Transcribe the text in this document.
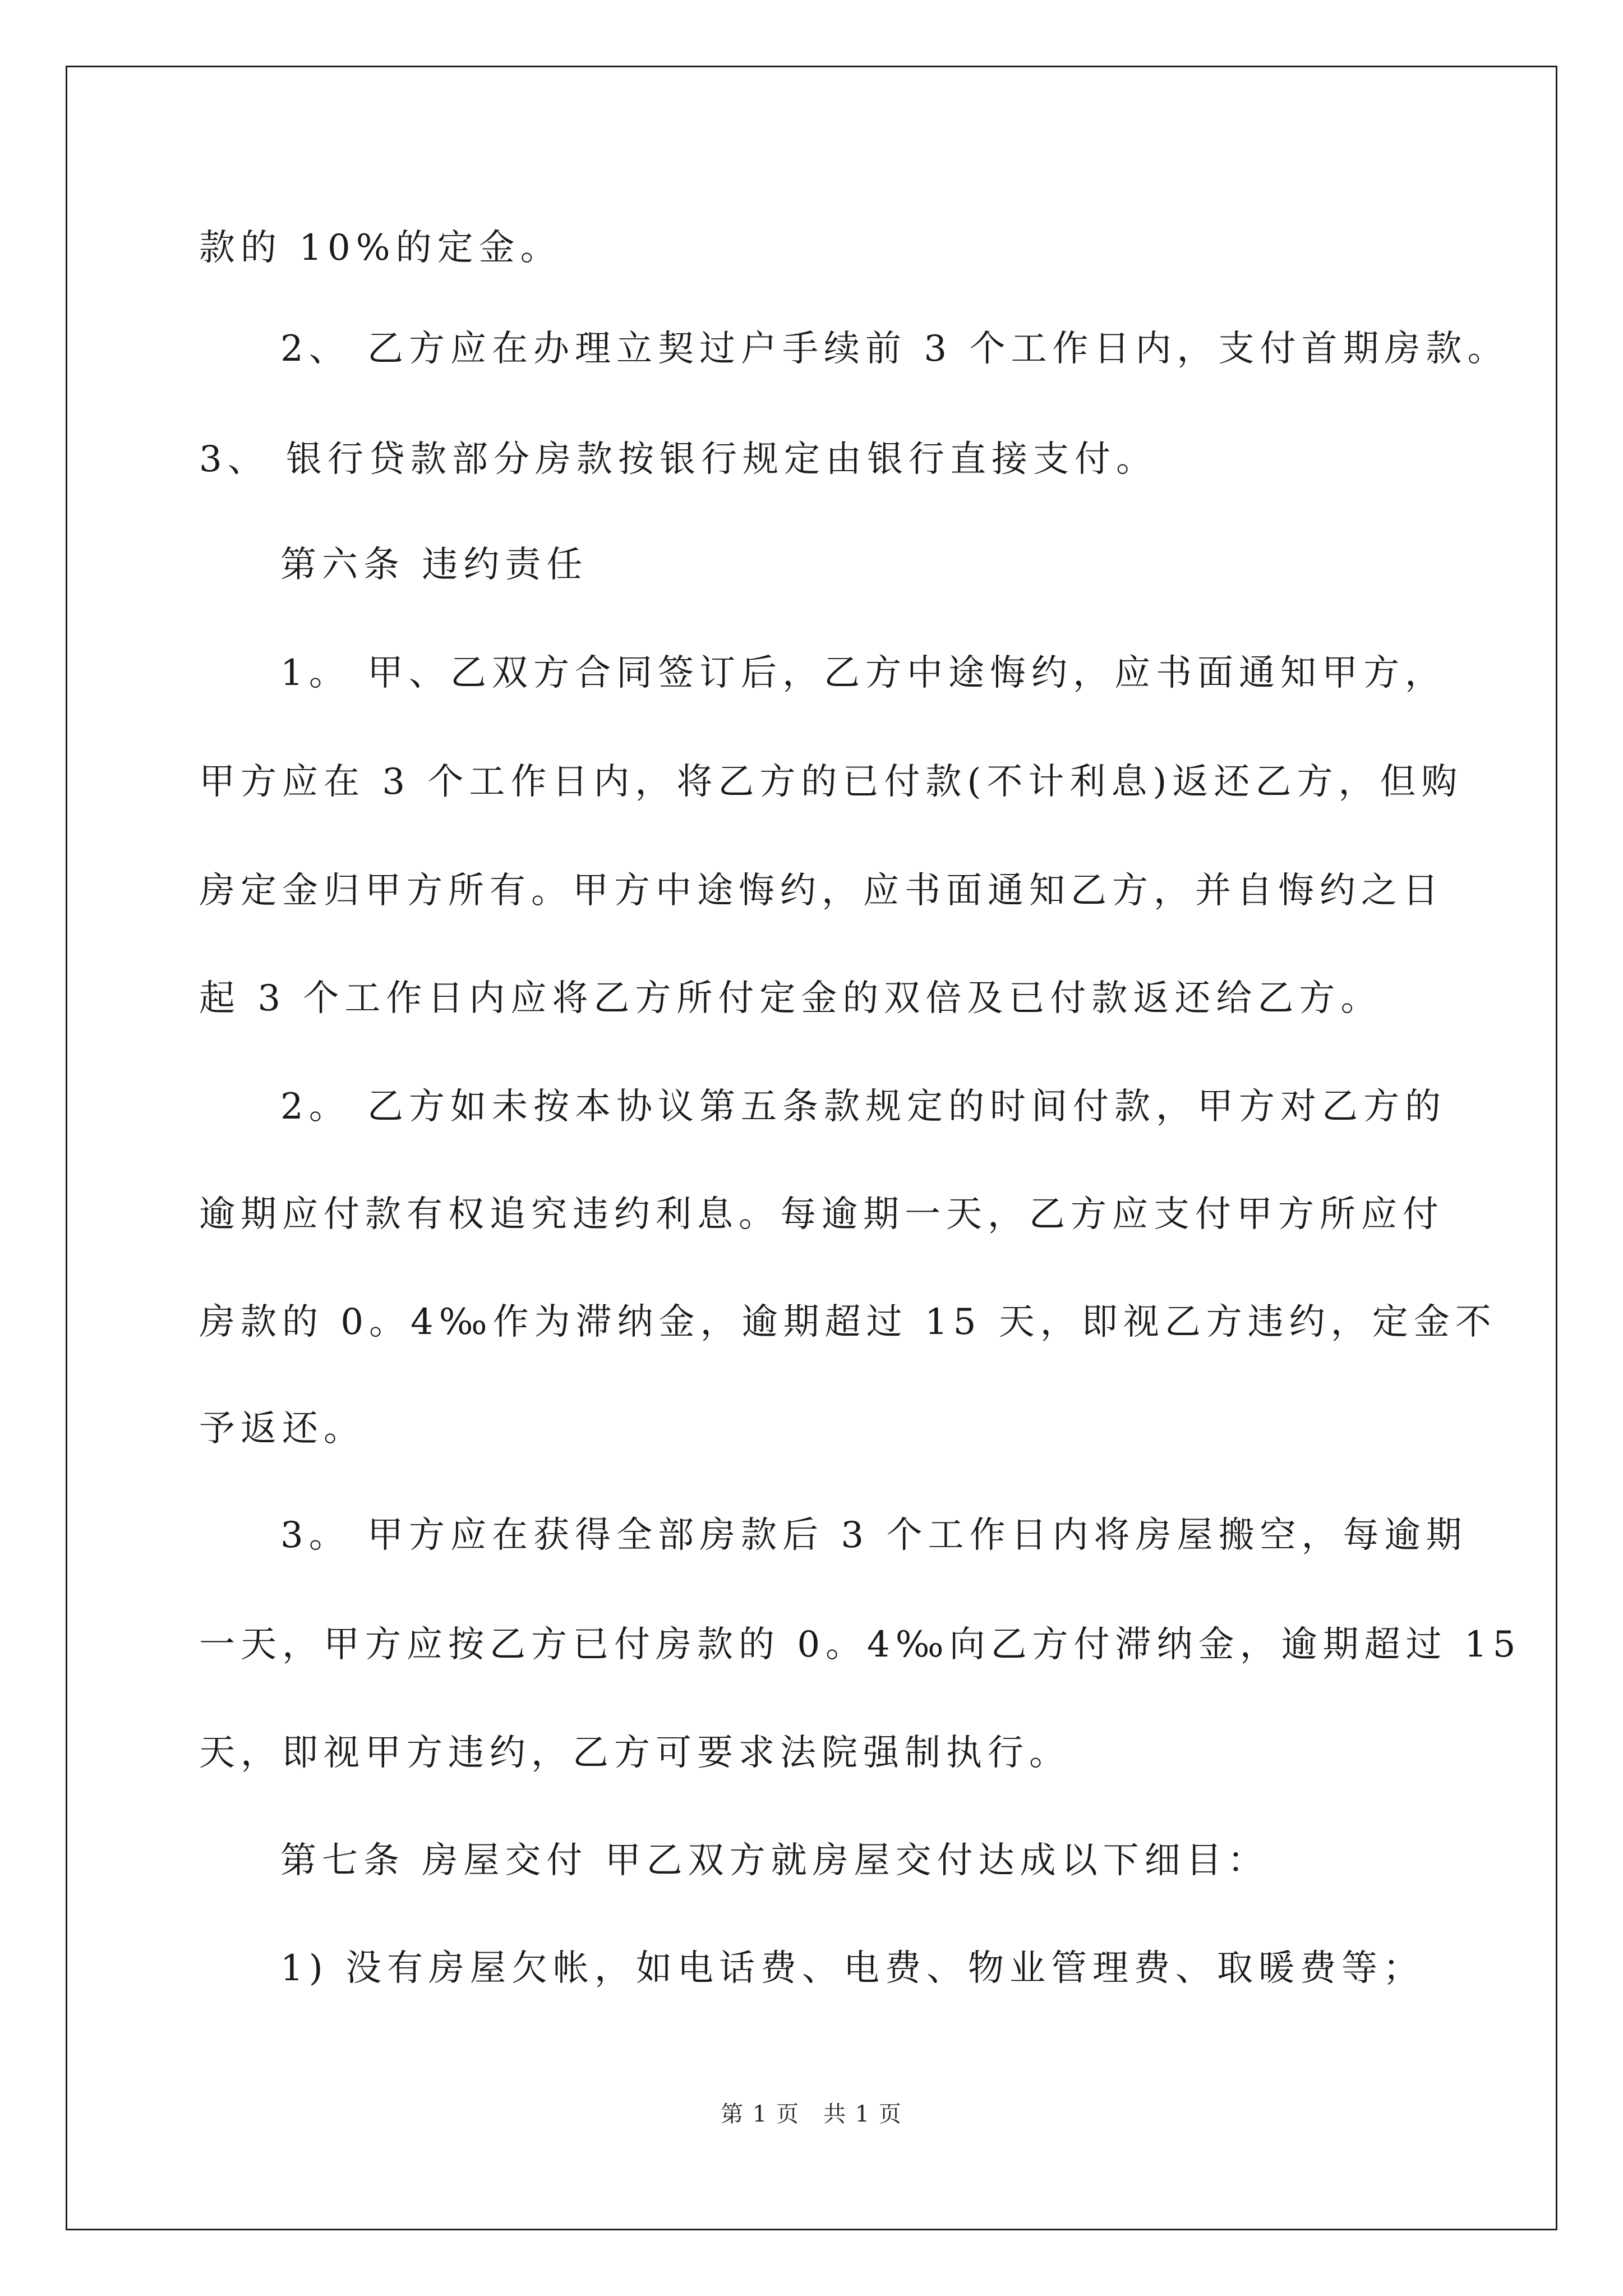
款的 10%的定金。
2、 乙方应在办理立契过户手续前 3 个工作日内，支付首期房款。
3、 银行贷款部分房款按银行规定由银行直接支付。
第六条 违约责任
1。 甲、乙双方合同签订后，乙方中途悔约，应书面通知甲方，
甲方应在 3 个工作日内，将乙方的已付款(不计利息)返还乙方，但购
房定金归甲方所有。甲方中途悔约，应书面通知乙方，并自悔约之日
起 3 个工作日内应将乙方所付定金的双倍及已付款返还给乙方。
2。 乙方如未按本协议第五条款规定的时间付款，甲方对乙方的
逾期应付款有权追究违约利息。每逾期一天，乙方应支付甲方所应付
房款的 0。4‰作为滞纳金，逾期超过 15 天，即视乙方违约，定金不
予返还。
3。 甲方应在获得全部房款后 3 个工作日内将房屋搬空，每逾期
一天，甲方应按乙方已付房款的 0。4‰向乙方付滞纳金，逾期超过 15
天，即视甲方违约，乙方可要求法院强制执行。
第七条 房屋交付 甲乙双方就房屋交付达成以下细目：
1) 没有房屋欠帐，如电话费、电费、物业管理费、取暖费等；
第 1 页　共 1 页
